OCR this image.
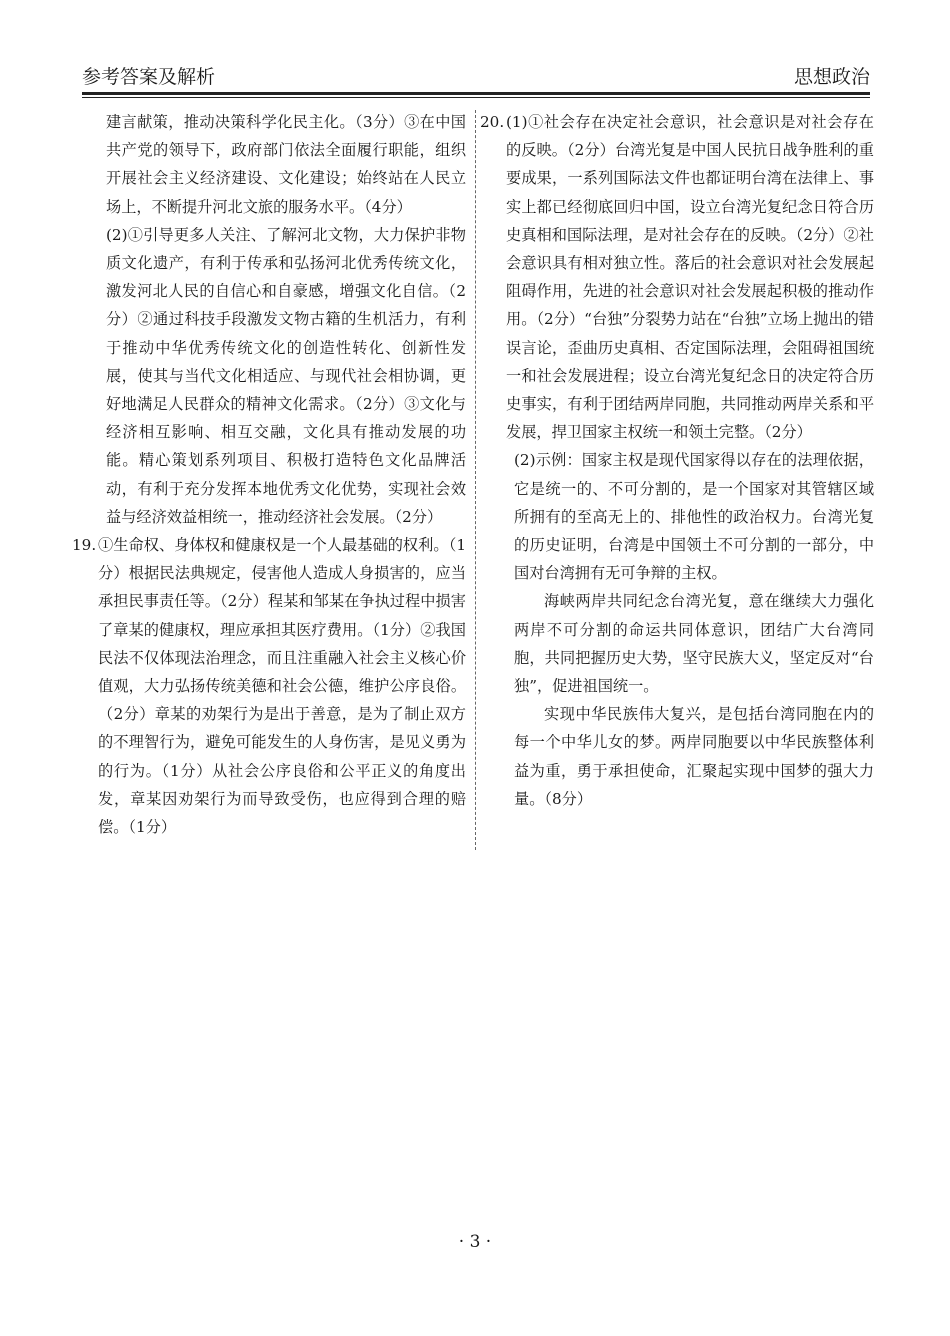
参考答案及解析	思想政治

建言献策，推动决策科学化民主化。（3分）③在中国共产党的领导下，政府部门依法全面履行职能，组织开展社会主义经济建设、文化建设；始终站在人民立场上，不断提升河北文旅的服务水平。（4分）

(2)①引导更多人关注、了解河北文物，大力保护非物质文化遗产，有利于传承和弘扬河北优秀传统文化，激发河北人民的自信心和自豪感，增强文化自信。（2分）②通过科技手段激发文物古籍的生机活力，有利于推动中华优秀传统文化的创造性转化、创新性发展，使其与当代文化相适应、与现代社会相协调，更好地满足人民群众的精神文化需求。（2分）③文化与经济相互影响、相互交融，文化具有推动发展的功能。精心策划系列项目、积极打造特色文化品牌活动，有利于充分发挥本地优秀文化优势，实现社会效益与经济效益相统一，推动经济社会发展。（2分）

19. ①生命权、身体权和健康权是一个人最基础的权利。（1分）根据民法典规定，侵害他人造成人身损害的，应当承担民事责任等。（2分）程某和邹某在争执过程中损害了章某的健康权，理应承担其医疗费用。（1分）②我国民法不仅体现法治理念，而且注重融入社会主义核心价值观，大力弘扬传统美德和社会公德，维护公序良俗。（2分）章某的劝架行为是出于善意，是为了制止双方的不理智行为，避免可能发生的人身伤害，是见义勇为的行为。（1分）从社会公序良俗和公平正义的角度出发，章某因劝架行为而导致受伤，也应得到合理的赔偿。（1分）
20. (1)①社会存在决定社会意识，社会意识是对社会存在的反映。（2分）台湾光复是中国人民抗日战争胜利的重要成果，一系列国际法文件也都证明台湾在法律上、事实上都已经彻底回归中国，设立台湾光复纪念日符合历史真相和国际法理，是对社会存在的反映。（2分）②社会意识具有相对独立性。落后的社会意识对社会发展起阻碍作用，先进的社会意识对社会发展起积极的推动作用。（2分）“台独”分裂势力站在“台独”立场上抛出的错误言论，歪曲历史真相、否定国际法理，会阻碍祖国统一和社会发展进程；设立台湾光复纪念日的决定符合历史事实，有利于团结两岸同胞，共同推动两岸关系和平发展，捍卫国家主权统一和领土完整。（2分）

(2)示例：国家主权是现代国家得以存在的法理依据，它是统一的、不可分割的，是一个国家对其管辖区域所拥有的至高无上的、排他性的政治权力。台湾光复的历史证明，台湾是中国领土不可分割的一部分，中国对台湾拥有无可争辩的主权。

海峡两岸共同纪念台湾光复，意在继续大力强化两岸不可分割的命运共同体意识，团结广大台湾同胞，共同把握历史大势，坚守民族大义，坚定反对“台独”，促进祖国统一。

实现中华民族伟大复兴，是包括台湾同胞在内的每一个中华儿女的梦。两岸同胞要以中华民族整体利益为重，勇于承担使命，汇聚起实现中国梦的强大力量。（8分）

· 3 ·
